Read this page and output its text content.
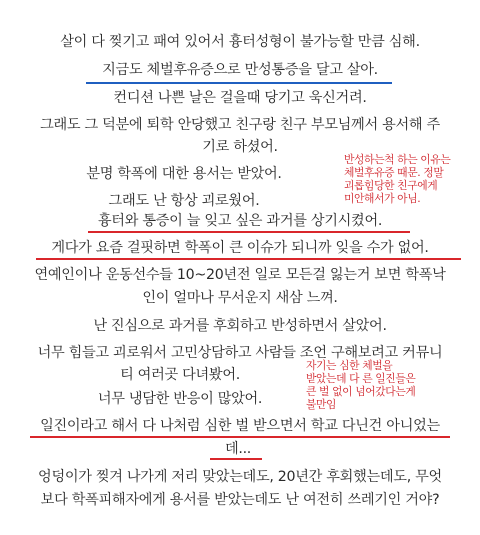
살이 다 찢기고 패여 있어서 흉터성형이 불가능할 만큼 심해.
지금도 체벌후유증으로 만성통증을 달고 살아.
컨디션 나쁜 날은 걸을때 당기고 욱신거려.
그래도 그 덕분에 퇴학 안당했고 친구랑 친구 부모님께서 용서해 주
기로 하셨어.
분명 학폭에 대한 용서는 받았어.
그래도 난 항상 괴로웠어.
반성하는척 하는 이유는
체벌후유증 때문. 정말
괴롭힘당한 친구에게
미안해서가 아님.
흉터와 통증이 늘 잊고 싶은 과거를 상기시켰어.
게다가 요즘 걸핏하면 학폭이 큰 이슈가 되니까 잊을 수가 없어.
연예인이나 운동선수들 10~20년전 일로 모든걸 잃는거 보면 학폭낙
인이 얼마나 무서운지 새삼 느껴.
난 진심으로 과거를 후회하고 반성하면서 살았어.
너무 힘들고 괴로워서 고민상담하고 사람들 조언 구해보려고 커뮤니
티 여러곳 다녀봤어.
너무 냉담한 반응이 많았어.
자기는 심한 체벌을
받았는데 다 른 일진들은
큰 벌 없이 넘어갔다는게
불만임
일진이라고 해서 다 나처럼 심한 벌 받으면서 학교 다닌건 아니었는
데...
엉덩이가 찢겨 나가게 저리 맞았는데도, 20년간 후회했는데도, 무엇
보다 학폭피해자에게 용서를 받았는데도 난 여전히 쓰레기인 거야?
